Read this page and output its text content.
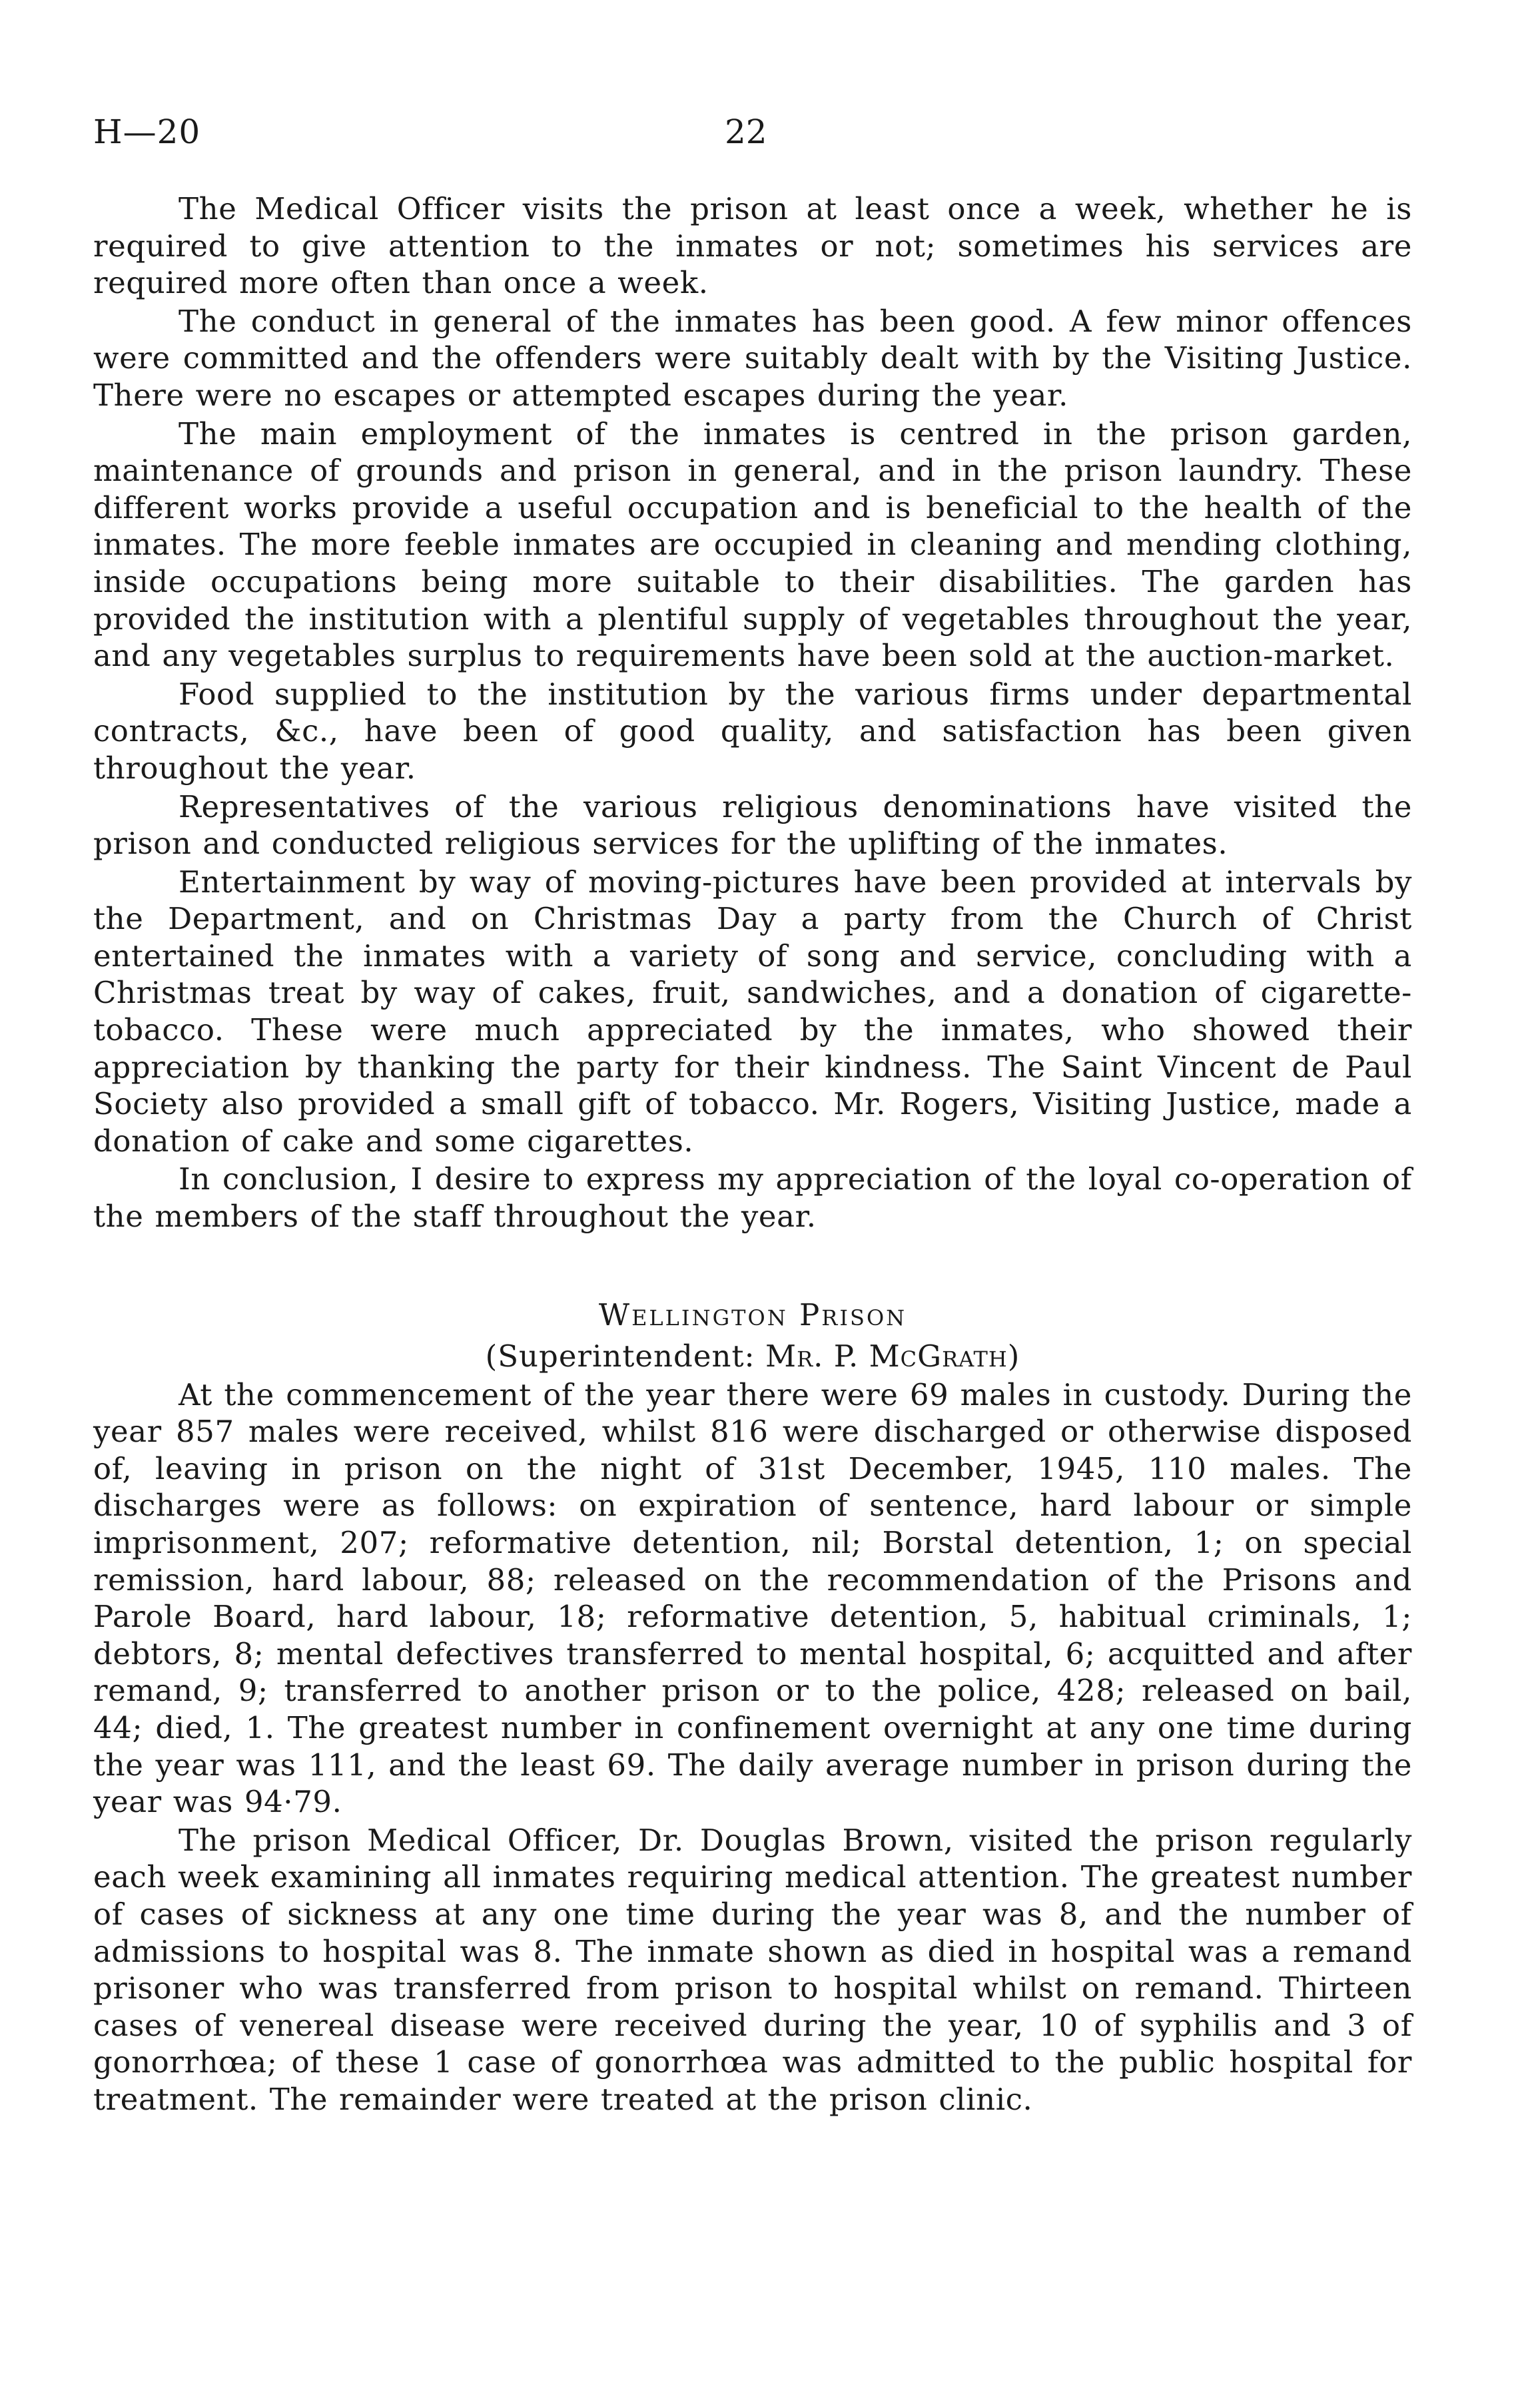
H—20	22

The Medical Officer visits the prison at least once a week, whether he is required to give attention to the inmates or not; sometimes his services are required more often than once a week.

The conduct in general of the inmates has been good. A few minor offences were committed and the offenders were suitably dealt with by the Visiting Justice. There were no escapes or attempted escapes during the year.

The main employment of the inmates is centred in the prison garden, maintenance of grounds and prison in general, and in the prison laundry. These different works provide a useful occupation and is beneficial to the health of the inmates. The more feeble inmates are occupied in cleaning and mending clothing, inside occupations being more suitable to their disabilities. The garden has provided the institution with a plentiful supply of vegetables throughout the year, and any vegetables surplus to requirements have been sold at the auction-market.

Food supplied to the institution by the various firms under departmental contracts, &c., have been of good quality, and satisfaction has been given throughout the year.

Representatives of the various religious denominations have visited the prison and conducted religious services for the uplifting of the inmates.

Entertainment by way of moving-pictures have been provided at intervals by the Department, and on Christmas Day a party from the Church of Christ entertained the inmates with a variety of song and service, concluding with a Christmas treat by way of cakes, fruit, sandwiches, and a donation of cigarette-tobacco. These were much appreciated by the inmates, who showed their appreciation by thanking the party for their kindness. The Saint Vincent de Paul Society also provided a small gift of tobacco. Mr. Rogers, Visiting Justice, made a donation of cake and some cigarettes.

In conclusion, I desire to express my appreciation of the loyal co-operation of the members of the staff throughout the year.

Wellington Prison

(Superintendent: Mr. P. McGrath)

At the commencement of the year there were 69 males in custody. During the year 857 males were received, whilst 816 were discharged or otherwise disposed of, leaving in prison on the night of 31st December, 1945, 110 males. The discharges were as follows: on expiration of sentence, hard labour or simple imprisonment, 207; reformative detention, nil; Borstal detention, 1; on special remission, hard labour, 88; released on the recommendation of the Prisons and Parole Board, hard labour, 18; reformative detention, 5, habitual criminals, 1; debtors, 8; mental defectives transferred to mental hospital, 6; acquitted and after remand, 9; transferred to another prison or to the police, 428; released on bail, 44; died, 1. The greatest number in confinement overnight at any one time during the year was 111, and the least 69. The daily average number in prison during the year was 94·79.

The prison Medical Officer, Dr. Douglas Brown, visited the prison regularly each week examining all inmates requiring medical attention. The greatest number of cases of sickness at any one time during the year was 8, and the number of admissions to hospital was 8. The inmate shown as died in hospital was a remand prisoner who was transferred from prison to hospital whilst on remand. Thirteen cases of venereal disease were received during the year, 10 of syphilis and 3 of gonorrhœa; of these 1 case of gonorrhœa was admitted to the public hospital for treatment. The remainder were treated at the prison clinic.
